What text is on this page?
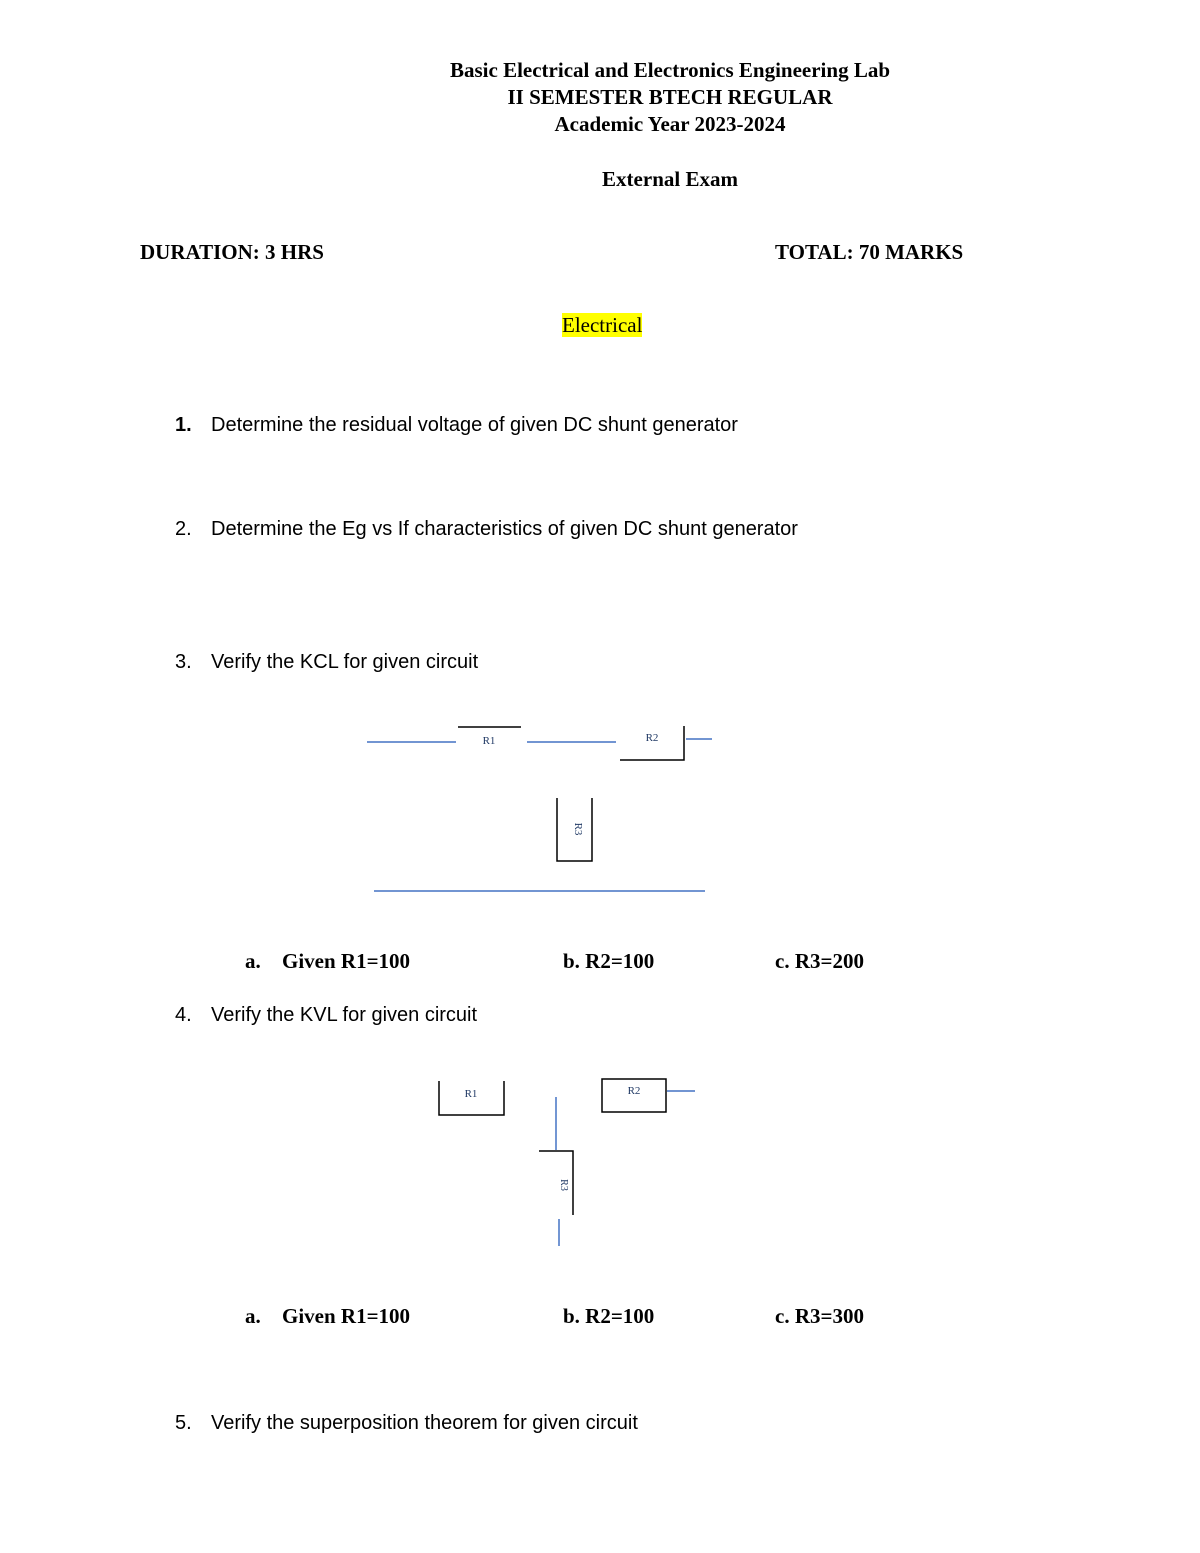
Basic Electrical and Electronics Engineering Lab
II SEMESTER BTECH REGULAR
Academic Year 2023-2024
External Exam
DURATION: 3 HRS	TOTAL: 70 MARKS
Electrical
1. Determine the residual voltage of given DC shunt generator
2. Determine the Eg vs If characteristics of given DC shunt generator
3. Verify the KCL for given circuit
R1	R2
R3
R1	R2
R3
a. Given R1=100	b. R2=100	c. R3=200
4. Verify the KVL for given circuit
a. Given R1=100	b. R2=100	c. R3=300
5. Verify the superposition theorem for given circuit
